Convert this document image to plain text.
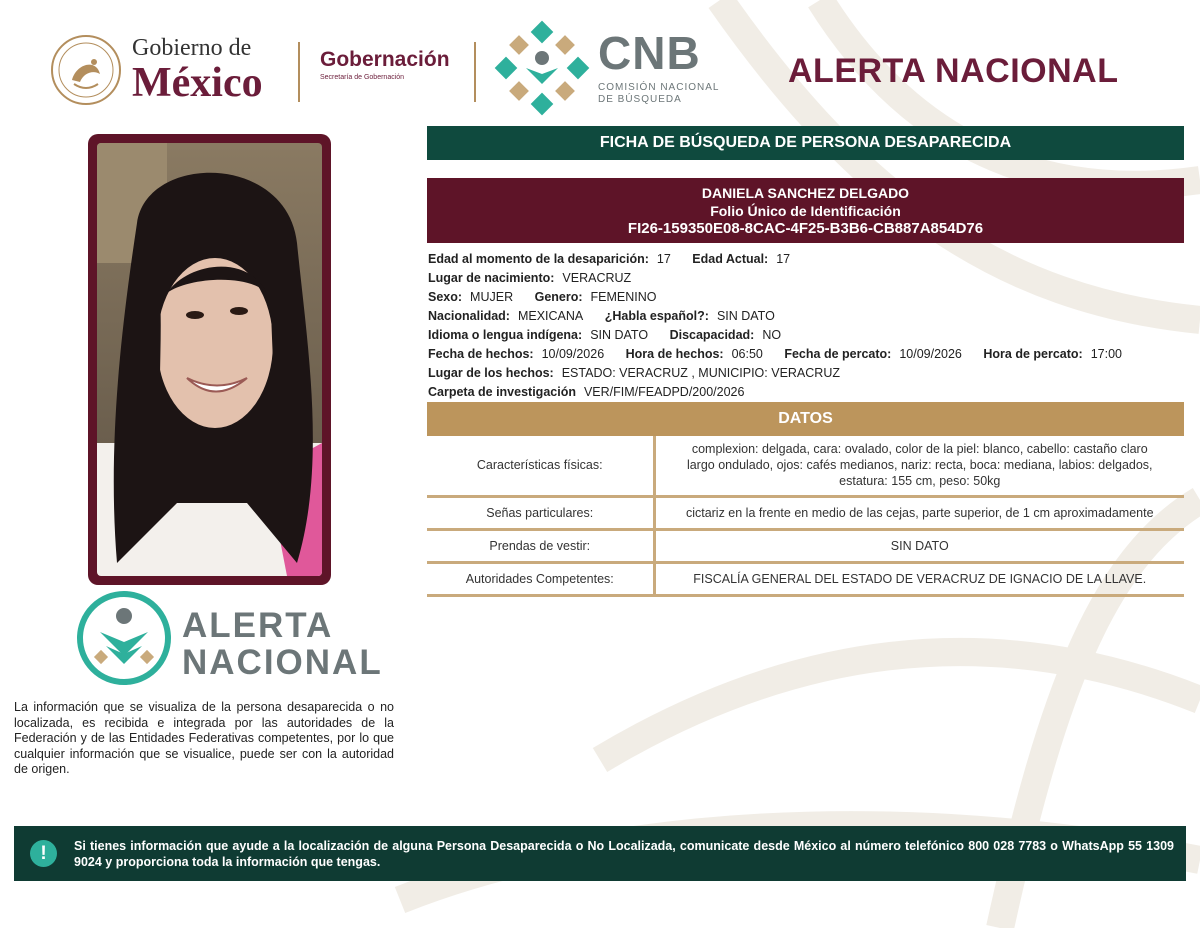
Gobierno de
México
Gobernación
Secretaría de Gobernación	CNB
COMISIÓN NACIONAL
DE BÚSQUEDA
ALERTA NACIONAL
ALERTA
NACIONAL
La información que se visualiza de la persona desaparecida o no localizada, es recibida e integrada por las autoridades de la Federación y de las Entidades Federativas competentes, por lo que cualquier información que se visualice, puede ser con la autoridad de origen.
FICHA DE BÚSQUEDA DE PERSONA DESAPARECIDA
DANIELA SANCHEZ DELGADO
Folio Único de Identificación
FI26-159350E08-8CAC-4F25-B3B6-CB887A854D76
Edad al momento de la desaparición: 17 Edad Actual: 17
Lugar de nacimiento: VERACRUZ
Sexo: MUJER Genero: FEMENINO
Nacionalidad: MEXICANA ¿Habla español?: SIN DATO
Idioma o lengua indígena: SIN DATO Discapacidad: NO
Fecha de hechos: 10/09/2026 Hora de hechos: 06:50 Fecha de percato: 10/09/2026 Hora de percato: 17:00
Lugar de los hechos: ESTADO: VERACRUZ , MUNICIPIO: VERACRUZ
Carpeta de investigación VER/FIM/FEADPD/200/2026
DATOS
Características físicas:	complexion: delgada, cara: ovalado, color de la piel: blanco, cabello: castaño claro largo ondulado, ojos: cafés medianos, nariz: recta, boca: mediana, labios: delgados, estatura: 155 cm, peso: 50kg
Señas particulares:	cictariz en la frente en medio de las cejas, parte superior, de 1 cm aproximadamente
Prendas de vestir:	SIN DATO
Autoridades Competentes:	FISCALÍA GENERAL DEL ESTADO DE VERACRUZ DE IGNACIO DE LA LLAVE.
!	Si tienes información que ayude a la localización de alguna Persona Desaparecida o No Localizada, comunicate desde México al número telefónico 800 028 7783 o WhatsApp 55 1309 9024 y proporciona toda la información que tengas.
